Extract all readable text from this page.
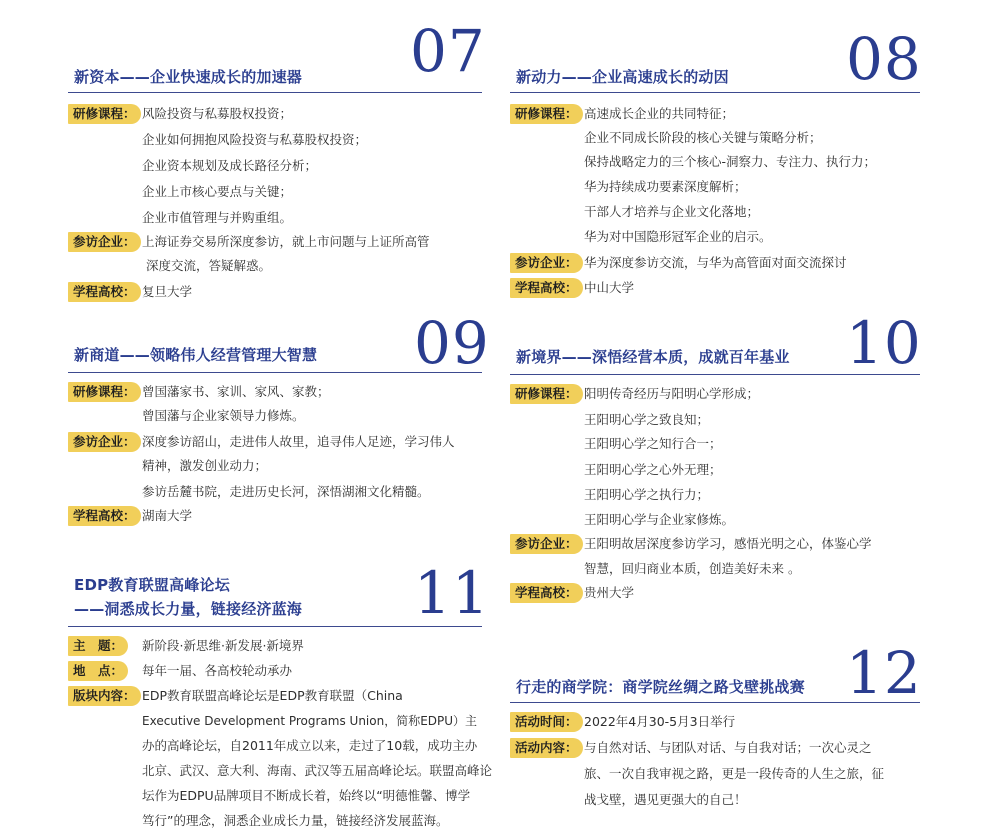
07
新资本——企业快速成长的加速器
研修课程： 风险投资与私募股权投资；
企业如何拥抱风险投资与私募股权投资；
企业资本规划及成长路径分析；
企业上市核心要点与关键；
企业市值管理与并购重组。
参访企业： 上海证券交易所深度参访，就上市问题与上证所高管
深度交流，答疑解惑。
学程高校： 复旦大学
08
新动力——企业高速成长的动因
研修课程： 高速成长企业的共同特征；
企业不同成长阶段的核心关键与策略分析；
保持战略定力的三个核心-洞察力、专注力、执行力；
华为持续成功要素深度解析；
干部人才培养与企业文化落地；
华为对中国隐形冠军企业的启示。
参访企业： 华为深度参访交流，与华为高管面对面交流探讨
学程高校： 中山大学
09
新商道——领略伟人经营管理大智慧
研修课程： 曾国藩家书、家训、家风、家教；
曾国藩与企业家领导力修炼。
参访企业： 深度参访韶山，走进伟人故里，追寻伟人足迹，学习伟人
精神，激发创业动力；
参访岳麓书院，走进历史长河，深悟湖湘文化精髓。
学程高校： 湖南大学
10
新境界——深悟经营本质，成就百年基业
研修课程： 阳明传奇经历与阳明心学形成；
王阳明心学之致良知；
王阳明心学之知行合一；
王阳明心学之心外无理；
王阳明心学之执行力；
王阳明心学与企业家修炼。
参访企业： 王阳明故居深度参访学习，感悟光明之心，体鉴心学
智慧，回归商业本质，创造美好未来 。
学程高校： 贵州大学
11
EDP教育联盟高峰论坛
——洞悉成长力量，链接经济蓝海
主　题：	新阶段·新思维·新发展·新境界
地　点：	每年一届、各高校轮动承办
版块内容： EDP教育联盟高峰论坛是EDP教育联盟（China
Executive Development Programs Union，简称EDPU）主
办的高峰论坛，自2011年成立以来，走过了10载，成功主办
北京、武汉、意大利、海南、武汉等五届高峰论坛。联盟高峰论
坛作为EDPU品牌项目不断成长着，始终以“明德惟馨、博学
笃行”的理念，洞悉企业成长力量，链接经济发展蓝海。
12
行走的商学院：商学院丝绸之路戈壁挑战赛
活动时间： 2022年4月30-5月3日举行
活动内容： 与自然对话、与团队对话、与自我对话；一次心灵之
旅、一次自我审视之路，更是一段传奇的人生之旅，征
战戈壁，遇见更强大的自己！
